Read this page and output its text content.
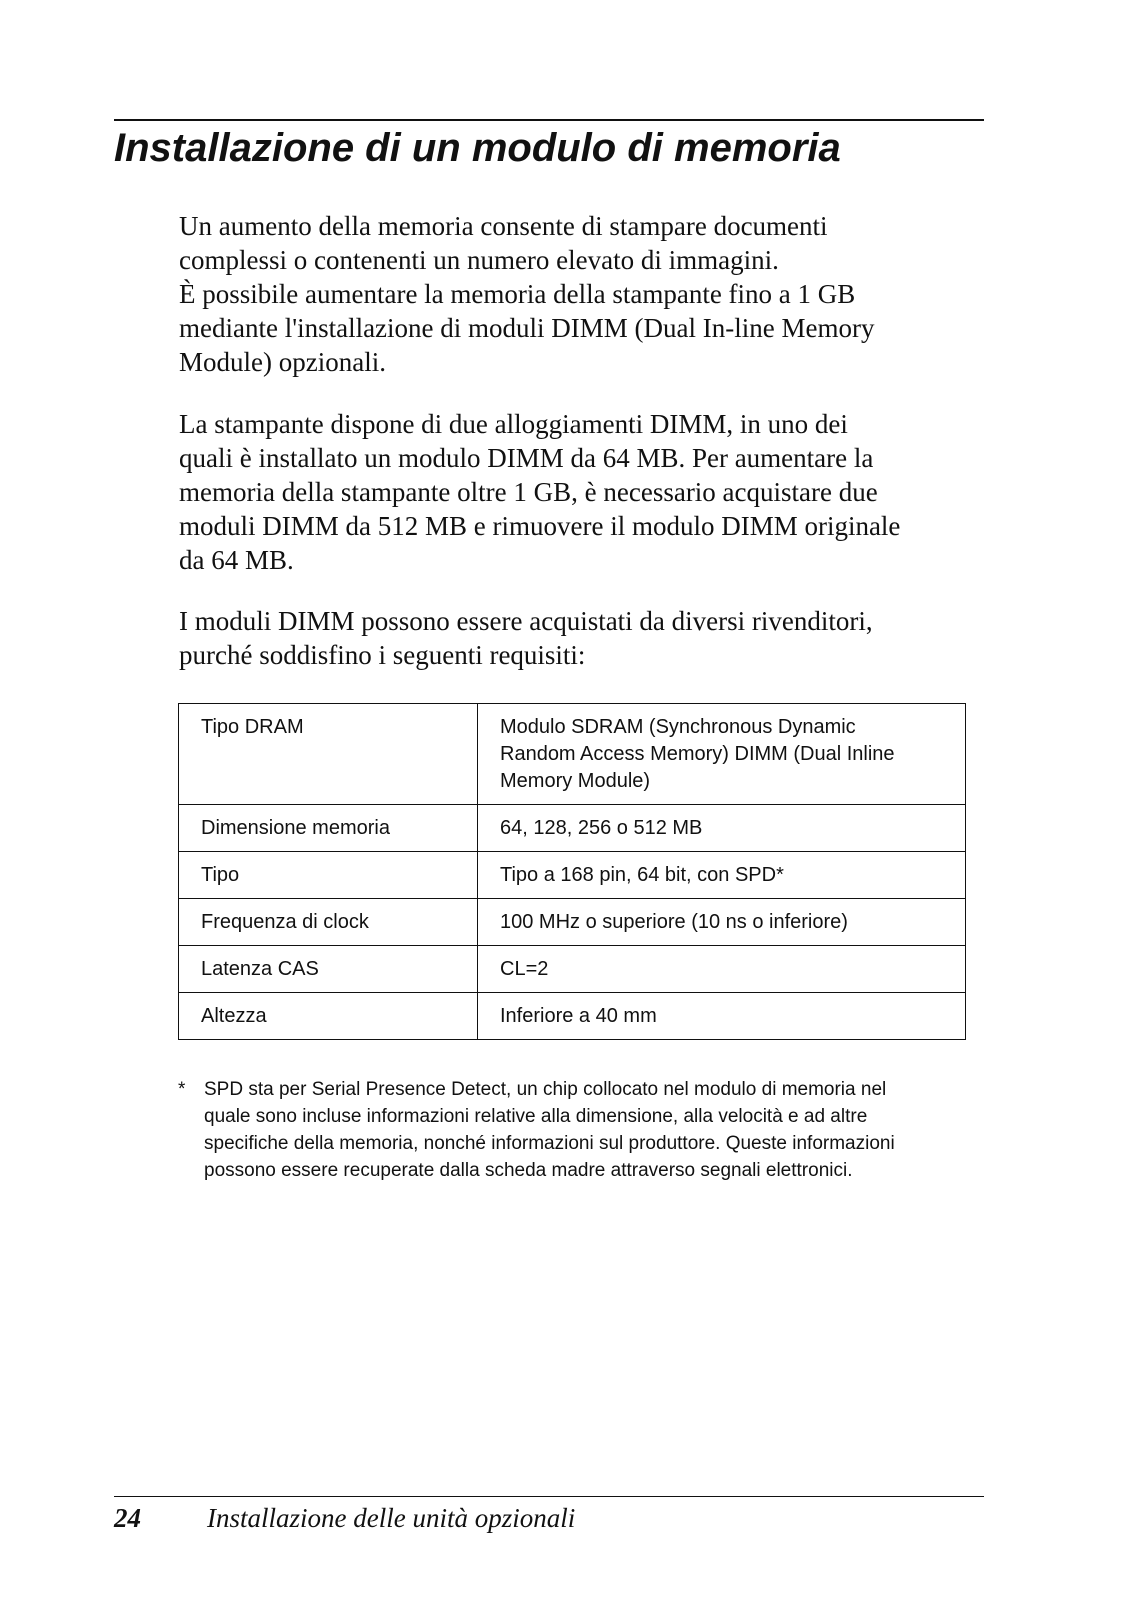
Installazione di un modulo di memoria

Un aumento della memoria consente di stampare documenti
complessi o contenenti un numero elevato di immagini.
È possibile aumentare la memoria della stampante fino a 1 GB
mediante l'installazione di moduli DIMM (Dual In-line Memory
Module) opzionali.

La stampante dispone di due alloggiamenti DIMM, in uno dei
quali è installato un modulo DIMM da 64 MB. Per aumentare la
memoria della stampante oltre 1 GB, è necessario acquistare due
moduli DIMM da 512 MB e rimuovere il modulo DIMM originale
da 64 MB.

I moduli DIMM possono essere acquistati da diversi rivenditori,
purché soddisfino i seguenti requisiti:

Tipo DRAM	Modulo SDRAM (Synchronous Dynamic
Random Access Memory) DIMM (Dual Inline
Memory Module)

Dimensione memoria	64, 128, 256 o 512 MB

Tipo	Tipo a 168 pin, 64 bit, con SPD*

Frequenza di clock	100 MHz o superiore (10 ns o inferiore)

Latenza CAS	CL=2

Altezza	Inferiore a 40 mm
* SPD sta per Serial Presence Detect, un chip collocato nel modulo di memoria nel
quale sono incluse informazioni relative alla dimensione, alla velocità e ad altre
specifiche della memoria, nonché informazioni sul produttore. Queste informazioni
possono essere recuperate dalla scheda madre attraverso segnali elettronici.
24 Installazione delle unità opzionali
